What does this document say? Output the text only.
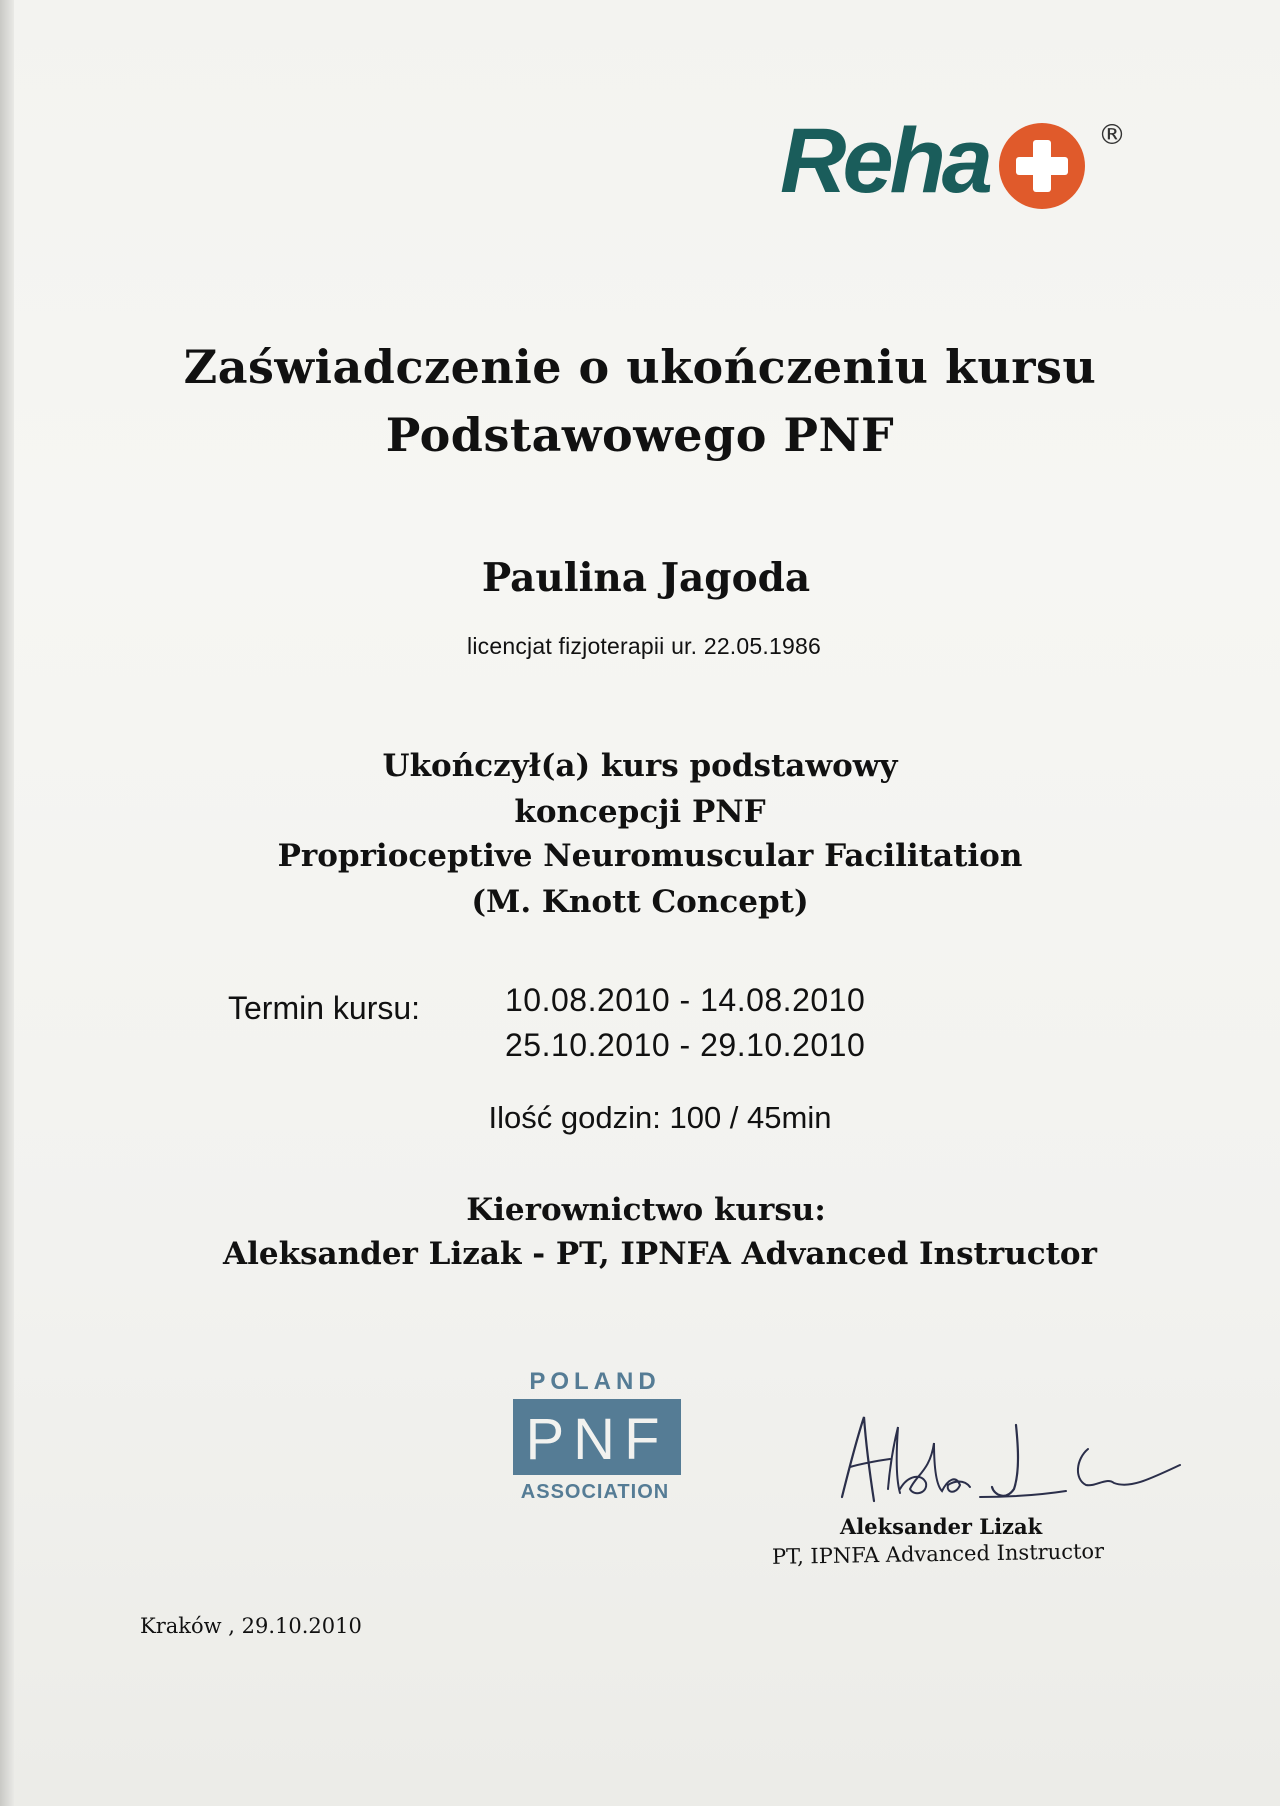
Reha	®
Zaświadczenie o ukończeniu kursu
Podstawowego PNF
Paulina Jagoda
licencjat fizjoterapii ur. 22.05.1986
Ukończył(a) kurs podstawowy
koncepcji PNF
Proprioceptive Neuromuscular Facilitation
(M. Knott Concept)
Termin kursu:	10.08.2010 - 14.08.2010
25.10.2010 - 29.10.2010
Ilość godzin: 100 / 45min
Kierownictwo kursu:
Aleksander Lizak - PT, IPNFA Advanced Instructor
POLAND
PNF
ASSOCIATION
Aleksander Lizak
PT, IPNFA Advanced Instructor
Kraków , 29.10.2010
